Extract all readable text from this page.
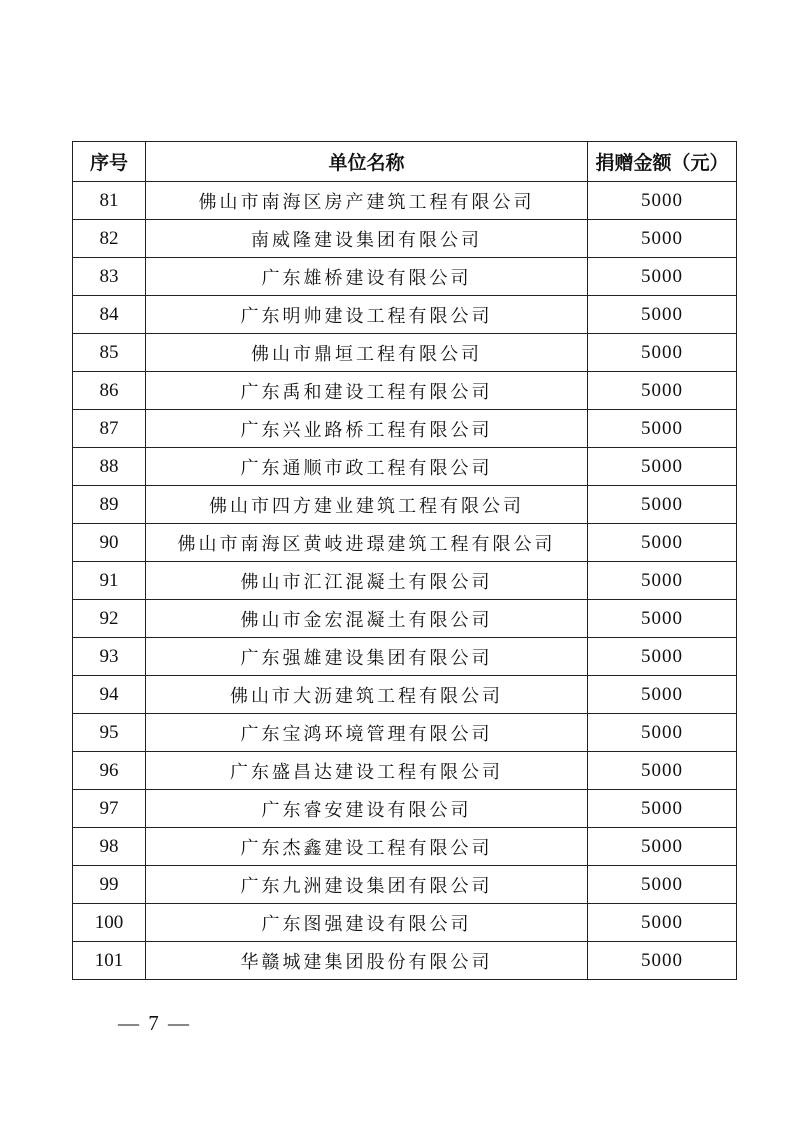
序号	单位名称	捐赠金额（元）
81	佛山市南海区房产建筑工程有限公司	5000
82	南威隆建设集团有限公司	5000
83	广东雄桥建设有限公司	5000
84	广东明帅建设工程有限公司	5000
85	佛山市鼎垣工程有限公司	5000
86	广东禹和建设工程有限公司	5000
87	广东兴业路桥工程有限公司	5000
88	广东通顺市政工程有限公司	5000
89	佛山市四方建业建筑工程有限公司	5000
90	佛山市南海区黄岐进璟建筑工程有限公司	5000
91	佛山市汇江混凝土有限公司	5000
92	佛山市金宏混凝土有限公司	5000
93	广东强雄建设集团有限公司	5000
94	佛山市大沥建筑工程有限公司	5000
95	广东宝鸿环境管理有限公司	5000
96	广东盛昌达建设工程有限公司	5000
97	广东睿安建设有限公司	5000
98	广东杰鑫建设工程有限公司	5000
99	广东九洲建设集团有限公司	5000
100	广东图强建设有限公司	5000
101	华赣城建集团股份有限公司	5000
— 7 —
